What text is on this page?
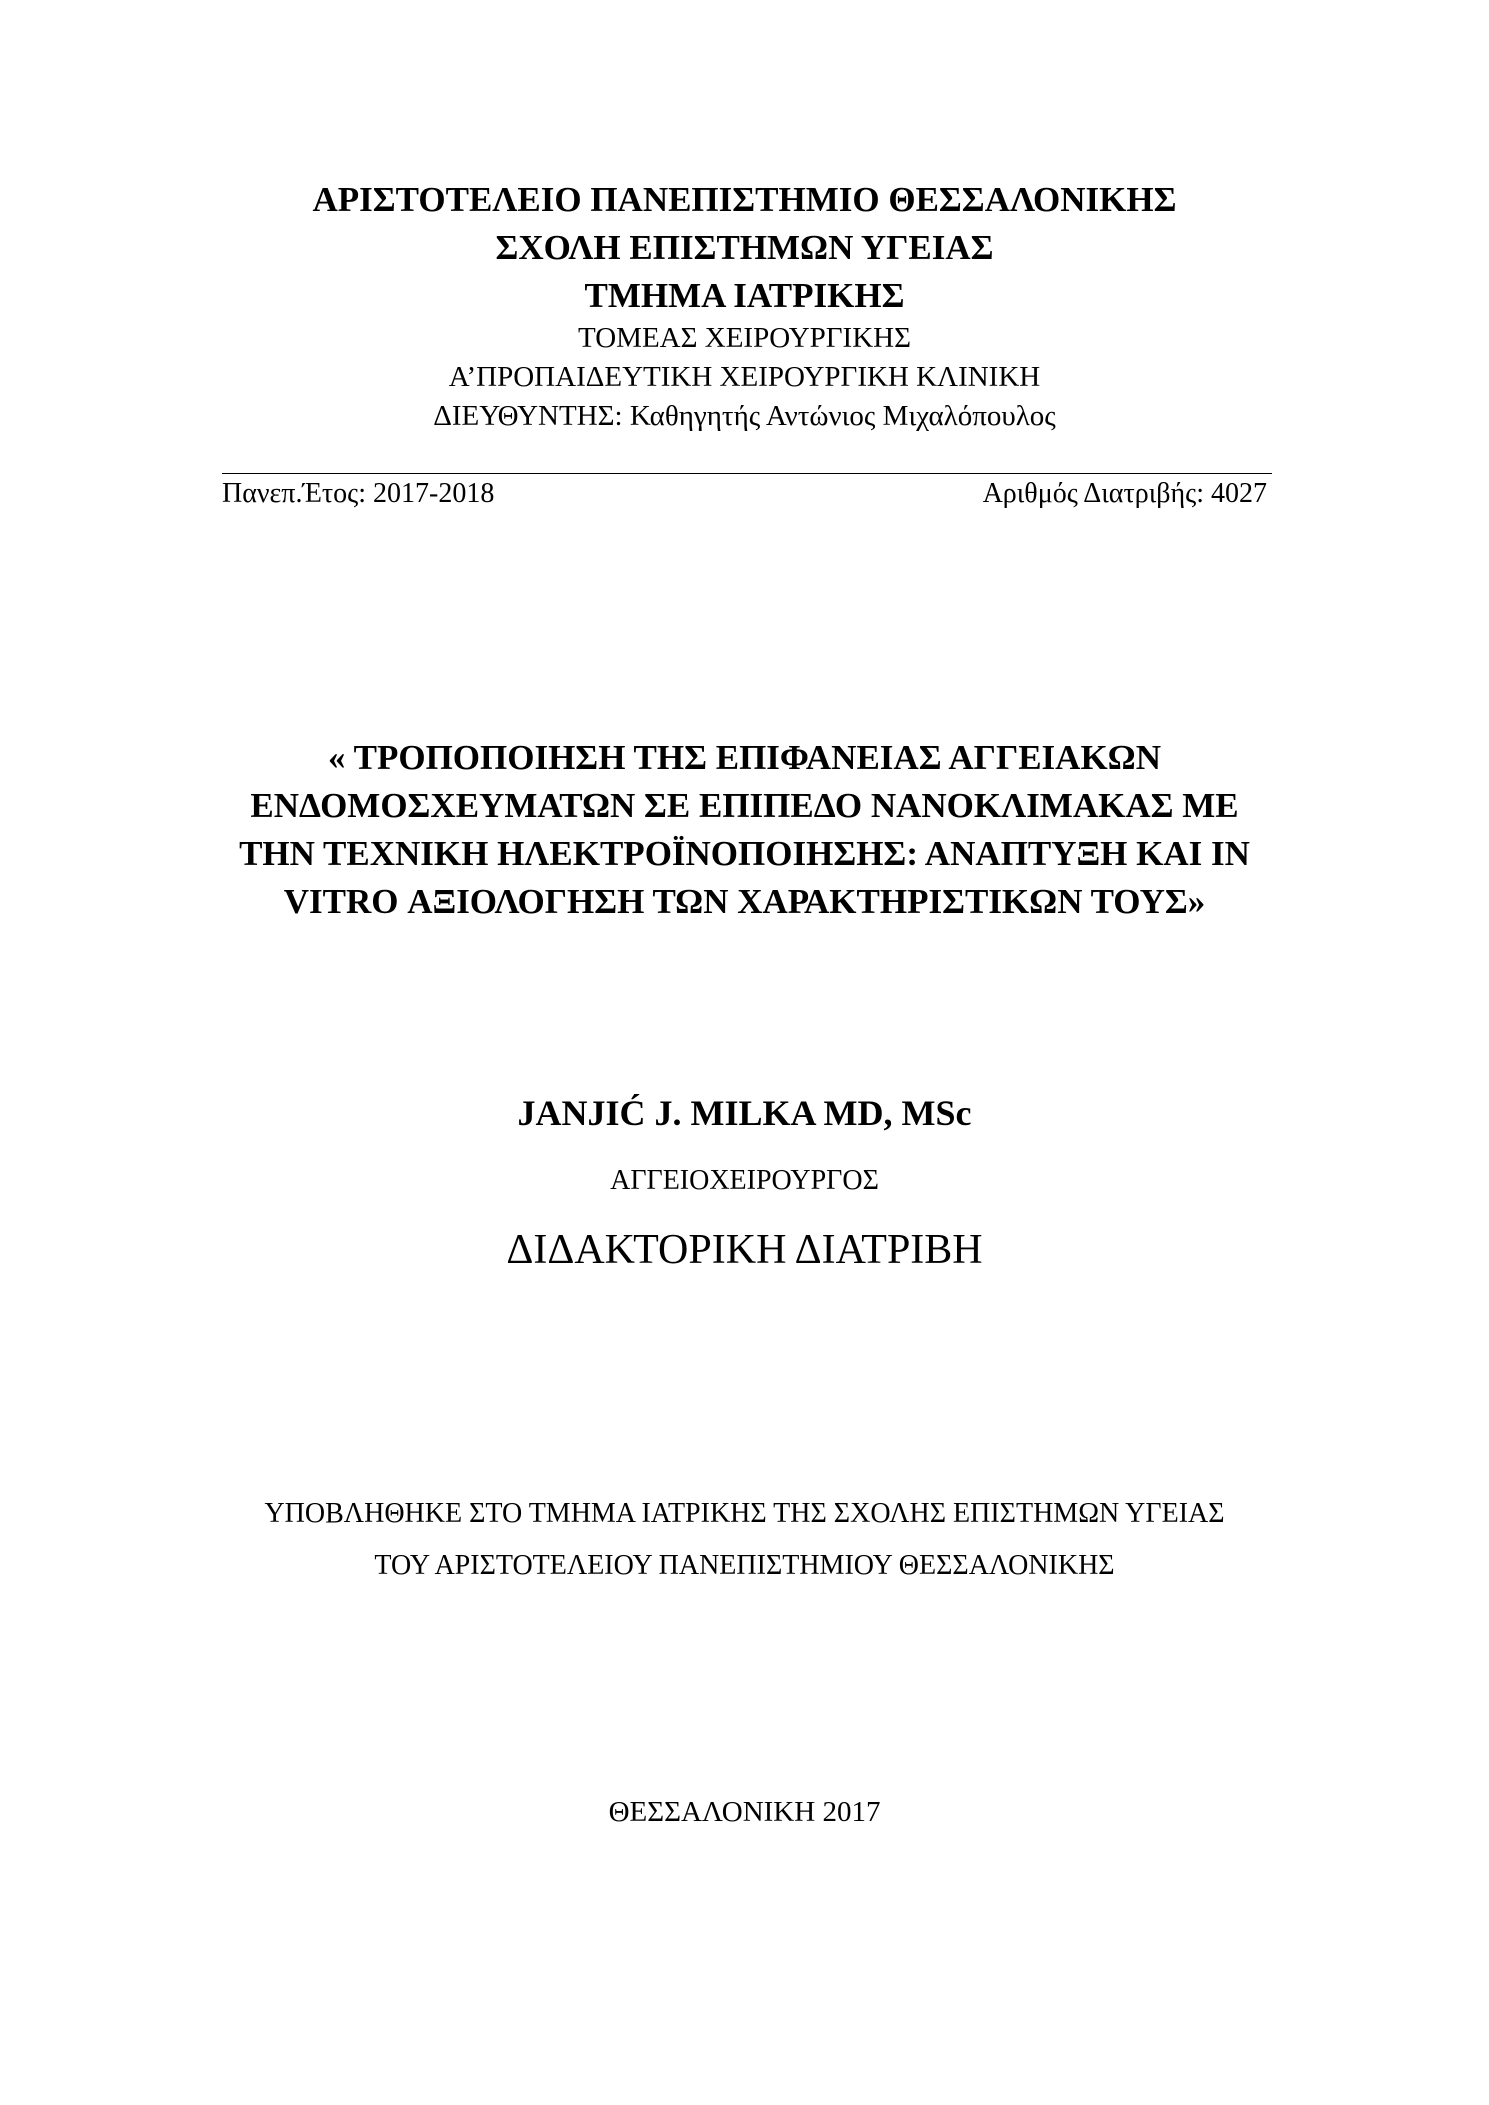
ΑΡΙΣΤΟΤΕΛΕΙΟ ΠΑΝΕΠΙΣΤΗΜΙΟ ΘΕΣΣΑΛΟΝΙΚΗΣ
ΣΧΟΛΗ ΕΠΙΣΤΗΜΩΝ ΥΓΕΙΑΣ
ΤΜΗΜΑ ΙΑΤΡΙΚΗΣ
ΤΟΜΕΑΣ ΧΕΙΡΟΥΡΓΙΚΗΣ
Α’ΠΡΟΠΑΙΔΕΥΤΙΚΗ ΧΕΙΡΟΥΡΓΙΚΗ ΚΛΙΝΙΚΗ
ΔΙΕΥΘΥΝΤΗΣ: Καθηγητής Αντώνιος Μιχαλόπουλος
Πανεπ.Έτος: 2017-2018	Αριθμός Διατριβής: 4027
« ΤΡΟΠΟΠΟΙΗΣΗ ΤΗΣ ΕΠΙΦΑΝΕΙΑΣ ΑΓΓΕΙΑΚΩΝ
ΕΝΔΟΜΟΣΧΕΥΜΑΤΩΝ ΣΕ ΕΠΙΠΕΔΟ ΝΑΝΟΚΛΙΜΑΚΑΣ ΜΕ
ΤΗΝ ΤΕΧΝΙΚΗ ΗΛΕΚΤΡΟΪΝΟΠΟΙΗΣΗΣ: ΑΝΑΠΤΥΞΗ ΚΑΙ IN
VITRO ΑΞΙΟΛΟΓΗΣΗ ΤΩΝ ΧΑΡΑΚΤΗΡΙΣΤΙΚΩΝ ΤΟΥΣ»
JANJIĆ J. MILKA MD, MSc
ΑΓΓΕΙΟΧΕΙΡΟΥΡΓΟΣ
ΔΙΔΑΚΤΟΡΙΚΗ ΔΙΑΤΡΙΒΗ
ΥΠΟΒΛΗΘΗΚΕ ΣΤΟ ΤΜΗΜΑ ΙΑΤΡΙΚΗΣ ΤΗΣ ΣΧΟΛΗΣ ΕΠΙΣΤΗΜΩΝ ΥΓΕΙΑΣ
ΤΟΥ ΑΡΙΣΤΟΤΕΛΕΙΟΥ ΠΑΝΕΠΙΣΤΗΜΙΟΥ ΘΕΣΣΑΛΟΝΙΚΗΣ
ΘΕΣΣΑΛΟΝΙΚΗ 2017
